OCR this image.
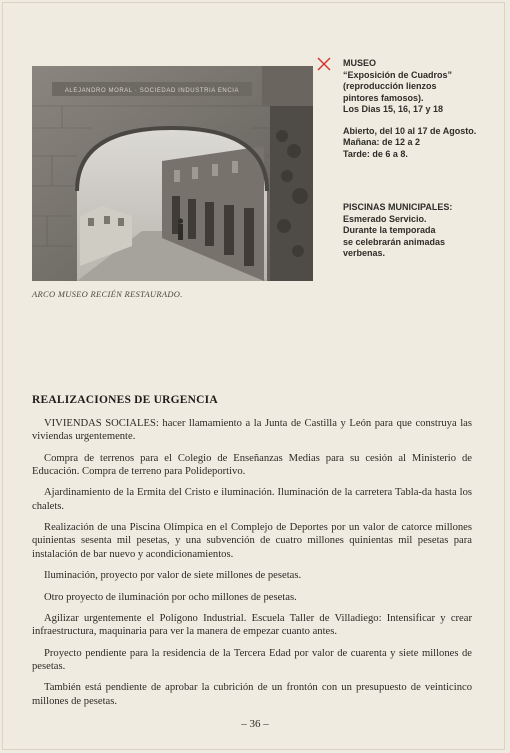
ALEJANDRO MORAL · SOCIEDAD INDUSTRIA ENCIA
ARCO MUSEO RECIÉN RESTAURADO.

MUSEO

“Exposición de Cuadros”

(reproducción lienzos

pintores famosos).

Los Dias 15, 16, 17 y 18

Abierto, del 10 al 17 de Agosto.

Mañana: de 12 a 2

Tarde: de 6 a 8.

PISCINAS MUNICIPALES:

Esmerado Servicio.

Durante la temporada

se celebrarán animadas

verbenas.

REALIZACIONES DE URGENCIA

VIVIENDAS SOCIALES: hacer llamamiento a la Junta de Castilla y León para que construya las viviendas urgentemente.

Compra de terrenos para el Colegio de Enseñanzas Medias para su cesión al Ministerio de Educación. Compra de terreno para Polideportivo.

Ajardinamiento de la Ermita del Cristo e iluminación. Iluminación de la carretera Tabla-da hasta los chalets.

Realización de una Piscina Olímpica en el Complejo de Deportes por un valor de catorce millones quinientas sesenta mil pesetas, y una subvención de cuatro millones quinientas mil pesetas para instalación de bar nuevo y acondicionamientos.

Iluminación, proyecto por valor de siete millones de pesetas.

Otro proyecto de iluminación por ocho millones de pesetas.

Agilizar urgentemente el Polígono Industrial. Escuela Taller de Villadiego: Intensificar y crear infraestructura, maquinaria para ver la manera de empezar cuanto antes.

Proyecto pendiente para la residencia de la Tercera Edad por valor de cuarenta y siete millones de pesetas.

También está pendiente de aprobar la cubrición de un frontón con un presupuesto de veinticinco millones de pesetas.

– 36 –
